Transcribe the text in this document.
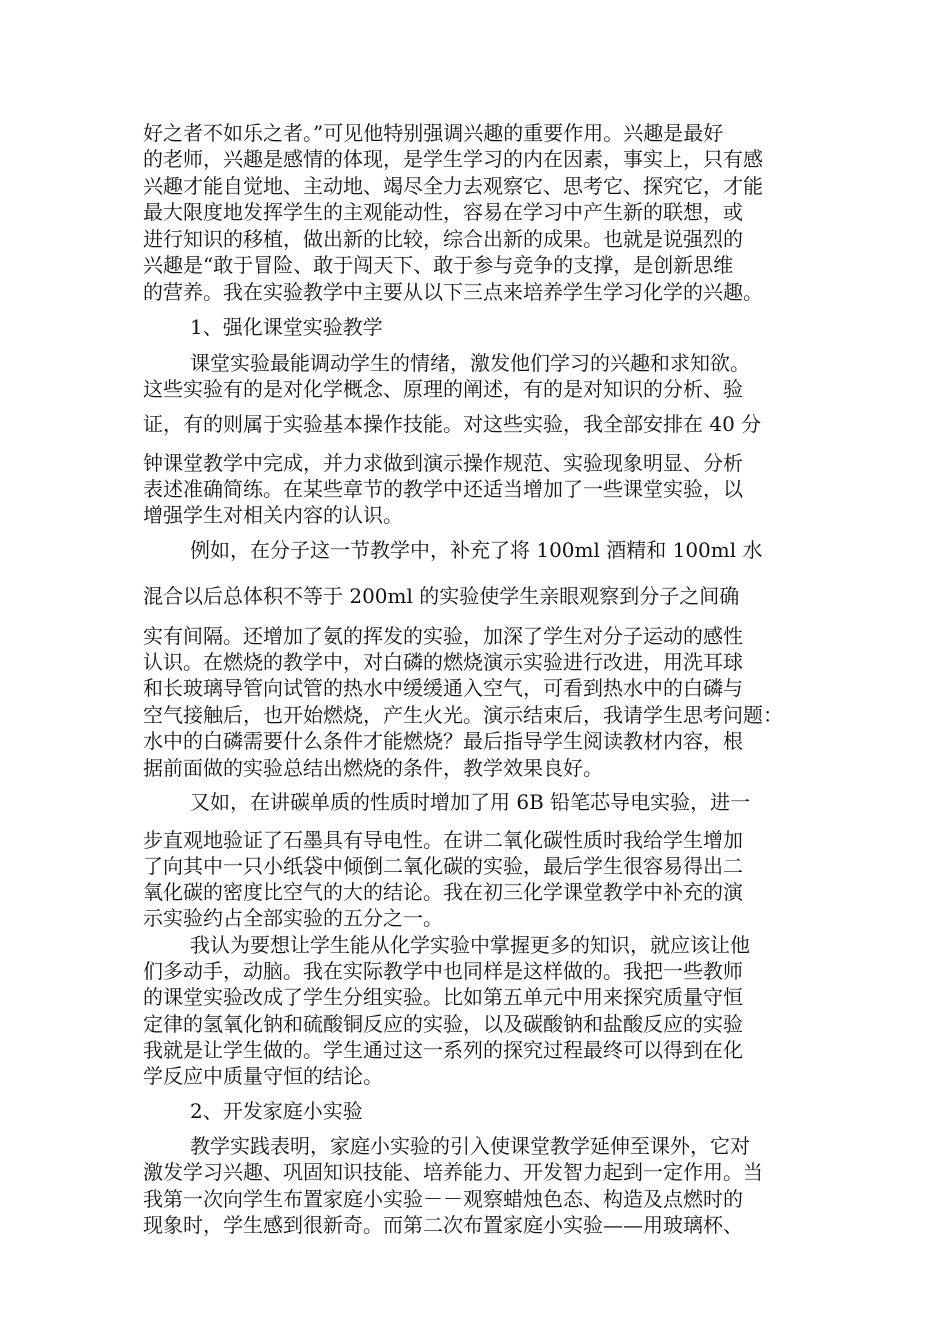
好之者不如乐之者。”可见他特别强调兴趣的重要作用。兴趣是最好
的老师，兴趣是感情的体现，是学生学习的内在因素，事实上，只有感
兴趣才能自觉地、主动地、竭尽全力去观察它、思考它、探究它，才能
最大限度地发挥学生的主观能动性，容易在学习中产生新的联想，或
进行知识的移植，做出新的比较，综合出新的成果。也就是说强烈的
兴趣是“敢于冒险、敢于闯天下、敢于参与竞争的支撑，是创新思维
的营养。我在实验教学中主要从以下三点来培养学生学习化学的兴趣。
1、强化课堂实验教学
课堂实验最能调动学生的情绪，激发他们学习的兴趣和求知欲。
这些实验有的是对化学概念、原理的阐述，有的是对知识的分析、验
证，有的则属于实验基本操作技能。对这些实验，我全部安排在 40 分
钟课堂教学中完成，并力求做到演示操作规范、实验现象明显、分析
表述准确简练。在某些章节的教学中还适当增加了一些课堂实验，以
增强学生对相关内容的认识。
例如，在分子这一节教学中，补充了将 100ml 酒精和 100ml 水
混合以后总体积不等于 200ml 的实验使学生亲眼观察到分子之间确
实有间隔。还增加了氨的挥发的实验，加深了学生对分子运动的感性
认识。在燃烧的教学中，对白磷的燃烧演示实验进行改进，用洗耳球
和长玻璃导管向试管的热水中缓缓通入空气，可看到热水中的白磷与
空气接触后，也开始燃烧，产生火光。演示结束后，我请学生思考问题：
水中的白磷需要什么条件才能燃烧？最后指导学生阅读教材内容，根
据前面做的实验总结出燃烧的条件，教学效果良好。
又如，在讲碳单质的性质时增加了用 6B 铅笔芯导电实验，进一
步直观地验证了石墨具有导电性。在讲二氧化碳性质时我给学生增加
了向其中一只小纸袋中倾倒二氧化碳的实验，最后学生很容易得出二
氧化碳的密度比空气的大的结论。我在初三化学课堂教学中补充的演
示实验约占全部实验的五分之一。
我认为要想让学生能从化学实验中掌握更多的知识，就应该让他
们多动手，动脑。我在实际教学中也同样是这样做的。我把一些教师
的课堂实验改成了学生分组实验。比如第五单元中用来探究质量守恒
定律的氢氧化钠和硫酸铜反应的实验，以及碳酸钠和盐酸反应的实验
我就是让学生做的。学生通过这一系列的探究过程最终可以得到在化
学反应中质量守恒的结论。
2、开发家庭小实验
教学实践表明，家庭小实验的引入使课堂教学延伸至课外，它对
激发学习兴趣、巩固知识技能、培养能力、开发智力起到一定作用。当
我第一次向学生布置家庭小实验－－观察蜡烛色态、构造及点燃时的
现象时，学生感到很新奇。而第二次布置家庭小实验——用玻璃杯、
